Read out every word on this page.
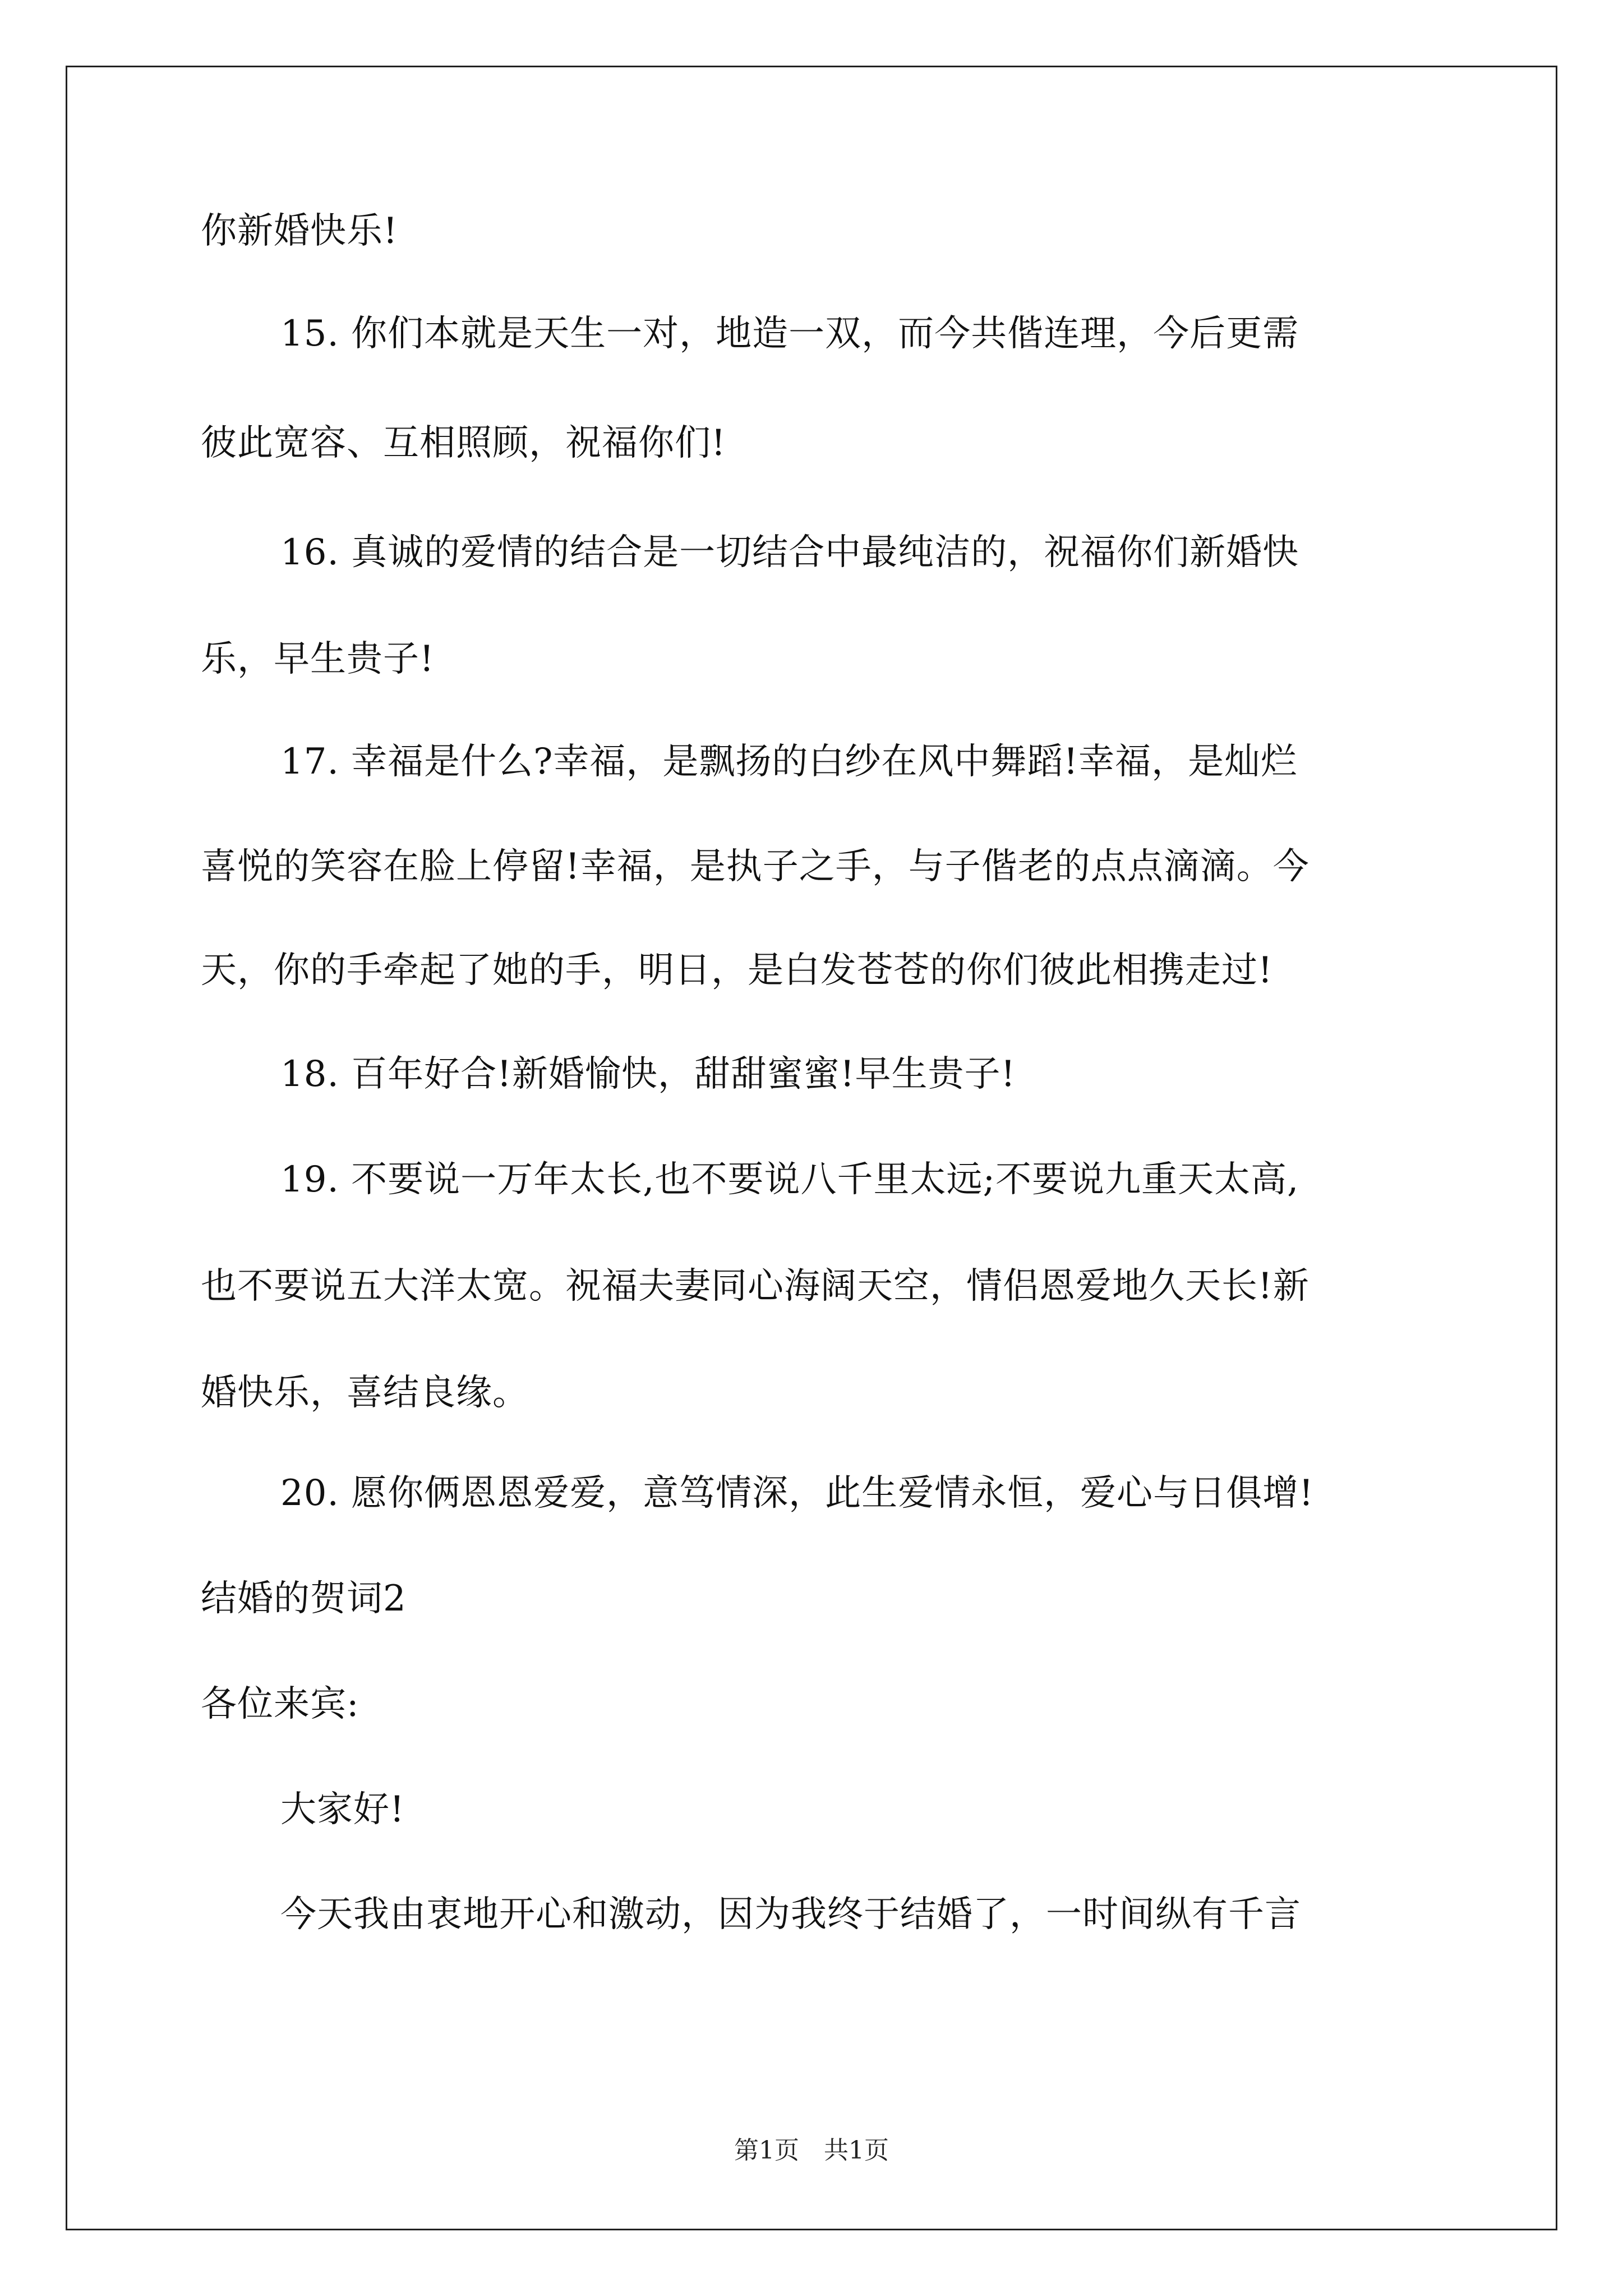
你新婚快乐!
15. 你们本就是天生一对，地造一双，而今共偕连理，今后更需
彼此宽容、互相照顾，祝福你们!
16. 真诚的爱情的结合是一切结合中最纯洁的，祝福你们新婚快
乐，早生贵子!
17. 幸福是什么?幸福，是飘扬的白纱在风中舞蹈!幸福，是灿烂
喜悦的笑容在脸上停留!幸福，是执子之手，与子偕老的点点滴滴。今
天，你的手牵起了她的手，明日，是白发苍苍的你们彼此相携走过!
18. 百年好合!新婚愉快，甜甜蜜蜜!早生贵子!
19. 不要说一万年太长,也不要说八千里太远;不要说九重天太高,
也不要说五大洋太宽。祝福夫妻同心海阔天空，情侣恩爱地久天长!新
婚快乐，喜结良缘。
20. 愿你俩恩恩爱爱，意笃情深，此生爱情永恒，爱心与日俱增!
结婚的贺词2
各位来宾:
大家好!
今天我由衷地开心和激动，因为我终于结婚了，一时间纵有千言
第1页　共1页
